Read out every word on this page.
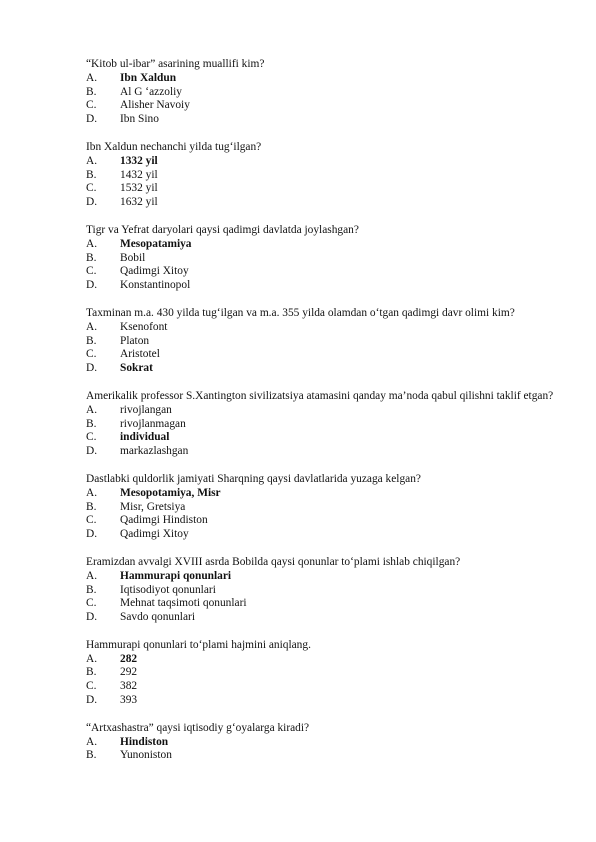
“Kitob ul-ibar” asarining muallifi kim?

A.	Ibn Xaldun
B.	Al G ‘azzoliy
C.	Alisher Navoiy
D.	Ibn Sino

Ibn Xaldun nechanchi yilda tug‘ilgan?

A.	1332 yil
B.	1432 yil
C.	1532 yil
D.	1632 yil

Tigr va Yefrat daryolari qaysi qadimgi davlatda joylashgan?

A.	Mesopatamiya
B.	Bobil
C.	Qadimgi Xitoy
D.	Konstantinopol

Taxminan m.a. 430 yilda tug‘ilgan va m.a. 355 yilda olamdan o‘tgan qadimgi davr olimi kim?

A.	Ksenofont
B.	Platon
C.	Aristotel
D.	Sokrat

Amerikalik professor S.Xantington sivilizatsiya atamasini qanday ma’noda qabul qilishni taklif etgan?

A.	rivojlangan
B.	rivojlanmagan
C.	individual
D.	markazlashgan

Dastlabki quldorlik jamiyati Sharqning qaysi davlatlarida yuzaga kelgan?

A.	Mesopotamiya, Misr
B.	Misr, Gretsiya
C.	Qadimgi Hindiston
D.	Qadimgi Xitoy

Eramizdan avvalgi XVIII asrda Bobilda qaysi qonunlar to‘plami ishlab chiqilgan?

A.	Hammurapi qonunlari
B.	Iqtisodiyot qonunlari
C.	Mehnat taqsimoti qonunlari
D.	Savdo qonunlari

Hammurapi qonunlari to‘plami hajmini aniqlang.

A.	282
B.	292
C.	382
D.	393

“Artxashastra” qaysi iqtisodiy g‘oyalarga kiradi?

A.	Hindiston
B.	Yunoniston
